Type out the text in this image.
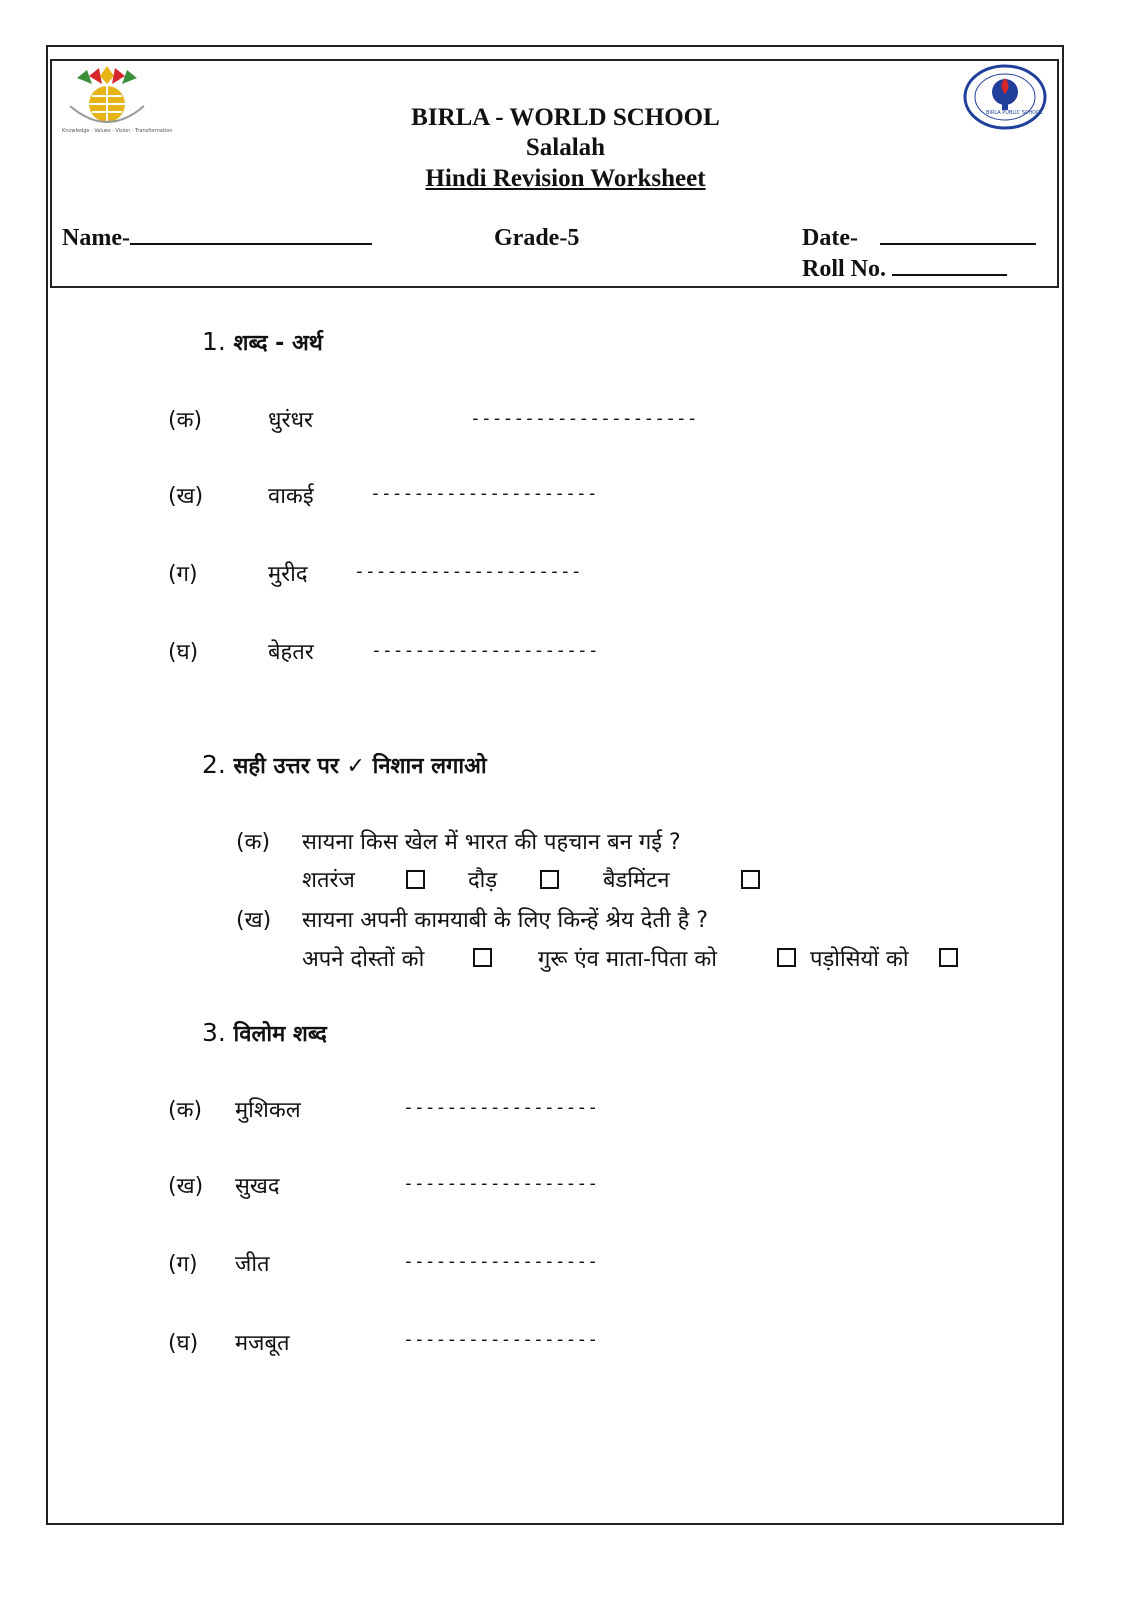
Knowledge · Values · Vision · Transformation
BIRLA PUBLIC SCHOOL
BIRLA - WORLD SCHOOL
Salalah
Hindi Revision Worksheet
Name-	Grade-5	Date-
Roll No.
1. शब्द - अर्थ
(क)	धुरंधर	---------------------
(ख)	वाकई	---------------------
(ग)	मुरीद	---------------------
(घ)	बेहतर	---------------------
2. सही उत्तर पर ✓ निशान लगाओ
(क) सायना किस खेल में भारत की पहचान बन गई ?
शतरंज	दौड़	बैडमिंटन
(ख) सायना अपनी कामयाबी के लिए किन्हें श्रेय देती है ?
अपने दोस्तों को	गुरू एंव माता-पिता को	पड़ोसियों को
3. विलोम शब्द
(क) मुशिकल	------------------
(ख) सुखद	------------------
(ग) जीत	------------------
(घ) मजबूत	------------------
